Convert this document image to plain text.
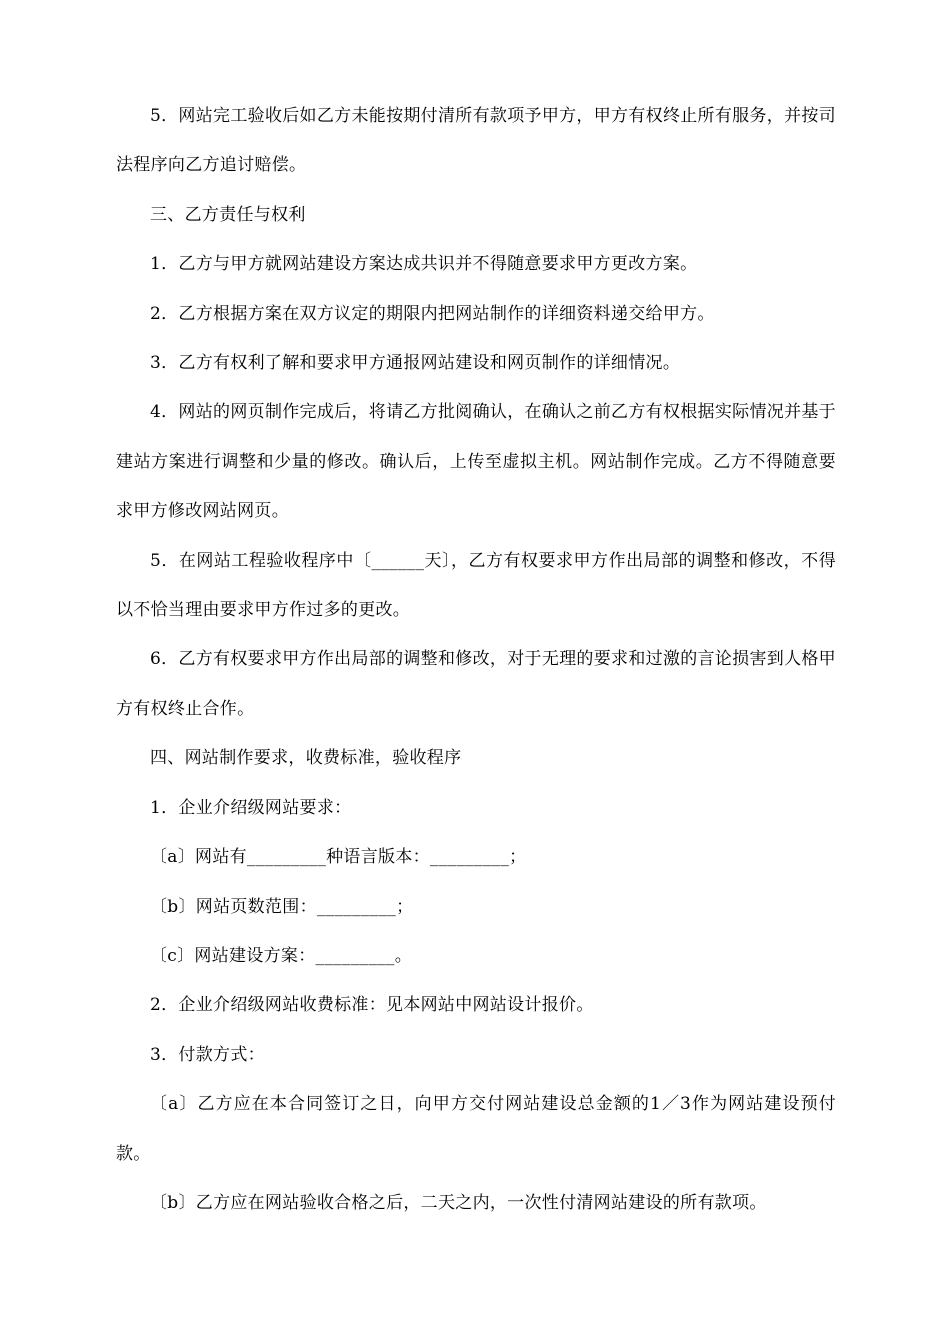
5．网站完工验收后如乙方未能按期付清所有款项予甲方，甲方有权终止所有服务，并按司法程序向乙方追讨赔偿。

三、乙方责任与权利

1．乙方与甲方就网站建设方案达成共识并不得随意要求甲方更改方案。

2．乙方根据方案在双方议定的期限内把网站制作的详细资料递交给甲方。

3．乙方有权利了解和要求甲方通报网站建设和网页制作的详细情况。

4．网站的网页制作完成后，将请乙方批阅确认，在确认之前乙方有权根据实际情况并基于建站方案进行调整和少量的修改。确认后，上传至虚拟主机。网站制作完成。乙方不得随意要求甲方修改网站网页。

5．在网站工程验收程序中〔______天〕，乙方有权要求甲方作出局部的调整和修改，不得以不恰当理由要求甲方作过多的更改。

6．乙方有权要求甲方作出局部的调整和修改，对于无理的要求和过激的言论损害到人格甲方有权终止合作。

四、网站制作要求，收费标准，验收程序

1．企业介绍级网站要求：

〔a〕网站有_________种语言版本：_________；

〔b〕网站页数范围：_________；

〔c〕网站建设方案：_________。

2．企业介绍级网站收费标准：见本网站中网站设计报价。

3．付款方式：

〔a〕乙方应在本合同签订之日，向甲方交付网站建设总金额的1／3作为网站建设预付款。

〔b〕乙方应在网站验收合格之后，二天之内，一次性付清网站建设的所有款项。
